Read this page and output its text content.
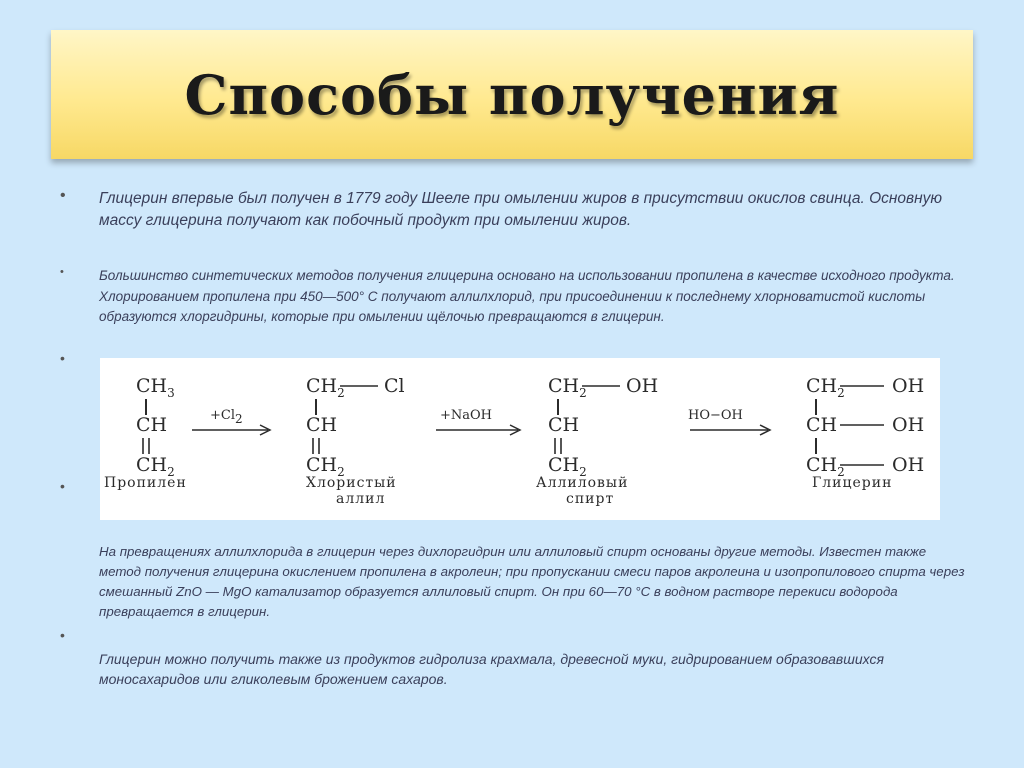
Способы получения
• Глицерин впервые был получен в 1779 году Шееле при омылении жиров в присутствии окислов свинца. Основную массу глицерина получают как побочный продукт при омылении жиров.

•	Большинство синтетических методов получения глицерина основано на использовании пропилена в качестве исходного продукта. Хлорированием пропилена при 450—500° С получают аллилхлорид, при присоединении к последнему хлорноватистой кислоты образуются хлоргидрины, которые при омылении щёлочью превращаются в глицерин.

•
•
$CH_3$
CH
$CH_2$
Пропилен
+Cl2
$CH_2$ Cl
CH
$CH_2$
Хлористый
аллил
+NaOH
$CH_2$ OH
CH
$CH_2$
Аллиловый
спирт
HO−OH
$CH_2$ OH
CH	OH
$CH_2$ OH
Глицерин

На превращениях аллилхлорида в глицерин через дихлоргидрин или аллиловый спирт основаны другие методы. Известен также метод получения глицерина окислением пропилена в акролеин; при пропускании смеси паров акролеина и изопропилового спирта через смешанный ZnO — MgO катализатор образуется аллиловый спирт. Он при 60—70 °С в водном растворе перекиси водорода превращается в глицерин.

•

Глицерин можно получить также из продуктов гидролиза крахмала, древесной муки, гидрированием образовавшихся моносахаридов или гликолевым брожением сахаров.
